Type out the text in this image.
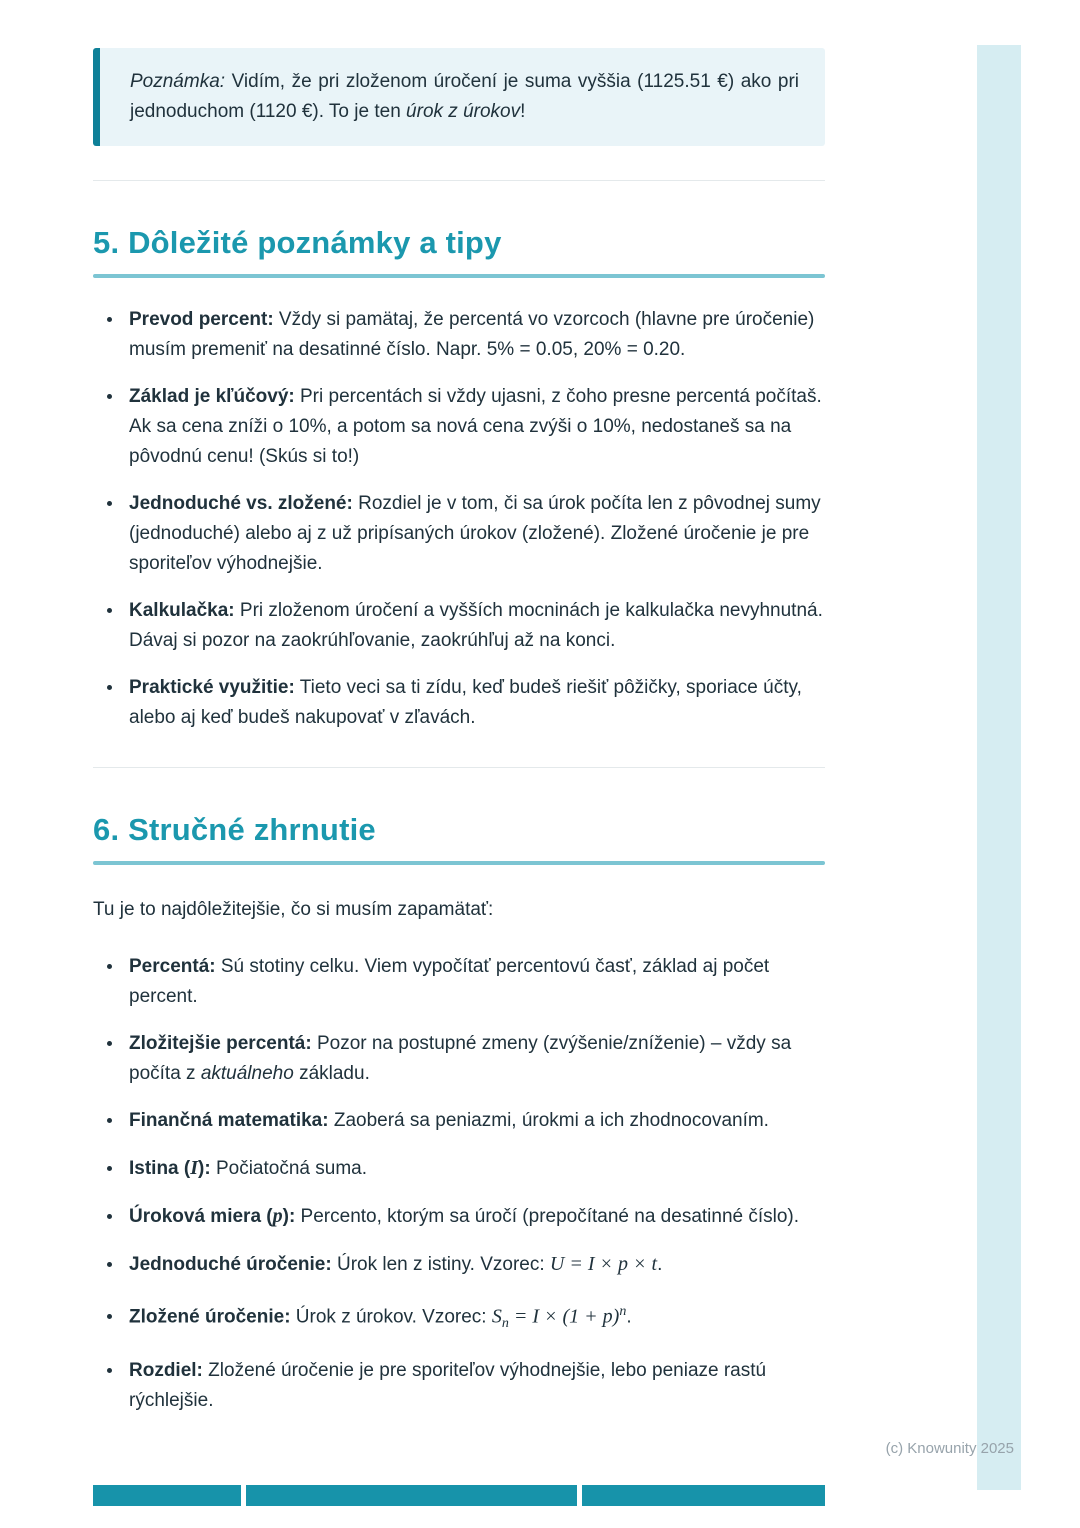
Poznámka: Vidím, že pri zloženom úročení je suma vyššia (1125.51 €) ako pri jednoduchom (1120 €). To je ten úrok z úrokov!
5. Dôležité poznámky a tipy
• Prevod percent: Vždy si pamätaj, že percentá vo vzorcoch (hlavne pre úročenie) musím premeniť na desatinné číslo. Napr. 5% = 0.05, 20% = 0.20.
• Základ je kľúčový: Pri percentách si vždy ujasni, z čoho presne percentá počítaš. Ak sa cena zníži o 10%, a potom sa nová cena zvýši o 10%, nedostaneš sa na pôvodnú cenu! (Skús si to!)
• Jednoduché vs. zložené: Rozdiel je v tom, či sa úrok počíta len z pôvodnej sumy (jednoduché) alebo aj z už pripísaných úrokov (zložené). Zložené úročenie je pre sporiteľov výhodnejšie.
• Kalkulačka: Pri zloženom úročení a vyšších mocninách je kalkulačka nevyhnutná. Dávaj si pozor na zaokrúhľovanie, zaokrúhľuj až na konci.
• Praktické využitie: Tieto veci sa ti zídu, keď budeš riešiť pôžičky, sporiace účty, alebo aj keď budeš nakupovať v zľavách.
6. Stručné zhrnutie

Tu je to najdôležitejšie, čo si musím zapamätať:

• Percentá: Sú stotiny celku. Viem vypočítať percentovú časť, základ aj počet percent.
• Zložitejšie percentá: Pozor na postupné zmeny (zvýšenie/zníženie) – vždy sa počíta z aktuálneho základu.
• Finančná matematika: Zaoberá sa peniazmi, úrokmi a ich zhodnocovaním.
• Istina (I): Počiatočná suma.
• Úroková miera (p): Percento, ktorým sa úročí (prepočítané na desatinné číslo).
• Jednoduché úročenie: Úrok len z istiny. Vzorec: U = I × p × t.
• Zložené úročenie: Úrok z úrokov. Vzorec: $S_n = I \times (1 + p)^n$.
• Rozdiel: Zložené úročenie je pre sporiteľov výhodnejšie, lebo peniaze rastú rýchlejšie.
(c) Knowunity 2025
